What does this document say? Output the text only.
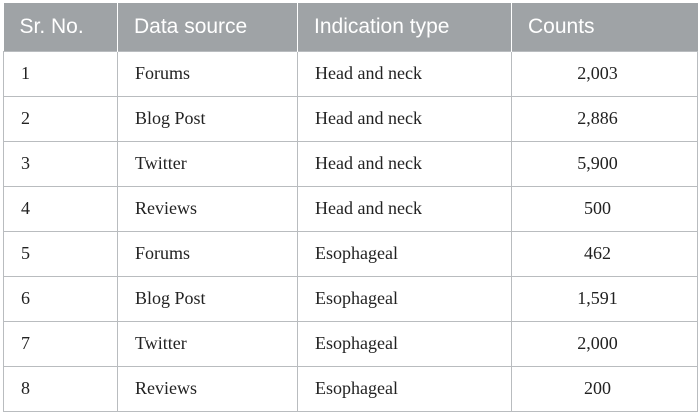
Sr. No.	Data source	Indication type	Counts
1	Forums	Head and neck	2,003
2	Blog Post	Head and neck	2,886
3	Twitter	Head and neck	5,900
4	Reviews	Head and neck	500
5	Forums	Esophageal	462
6	Blog Post	Esophageal	1,591
7	Twitter	Esophageal	2,000
8	Reviews	Esophageal	200
